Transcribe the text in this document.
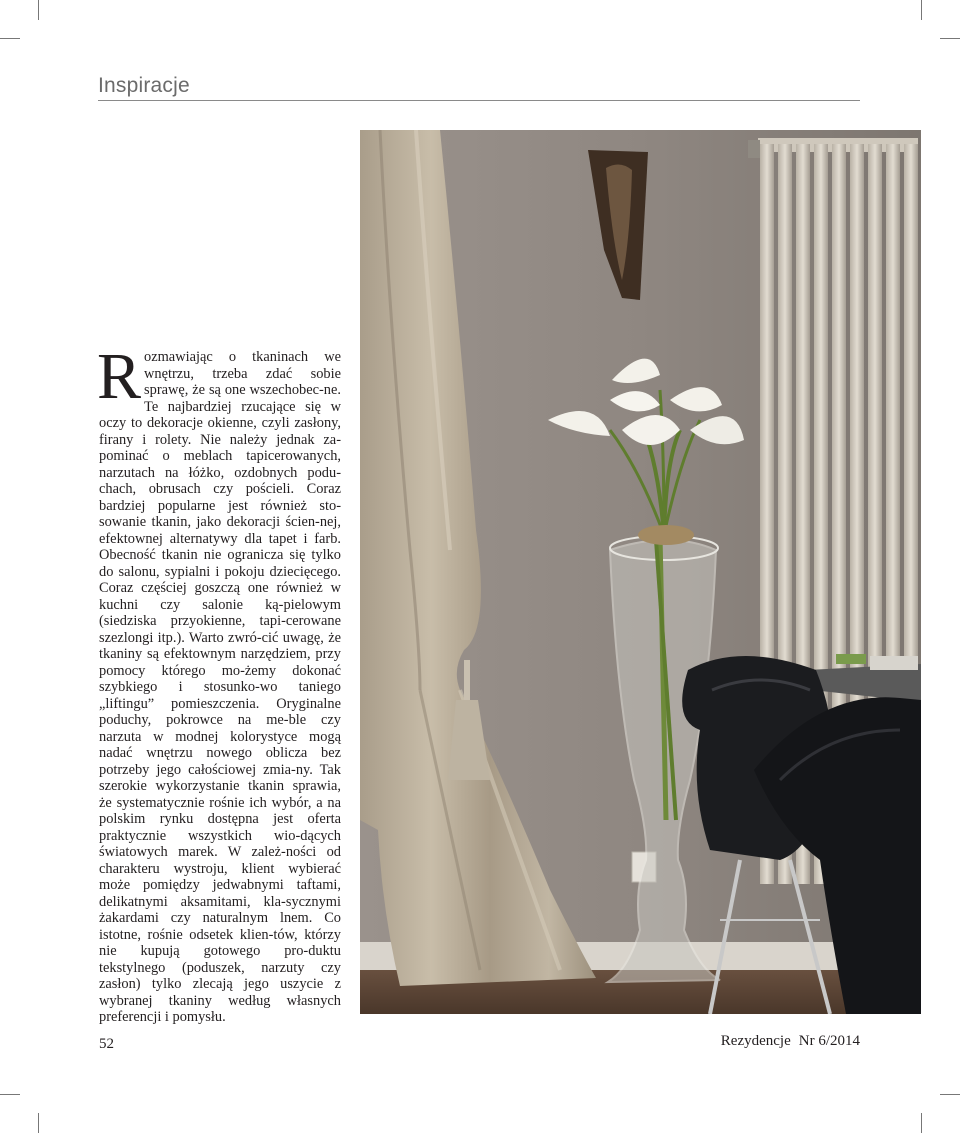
Inspiracje
Rozmawiając o tkaninach we wnętrzu, trzeba zdać sobie sprawę, że są one wszechobec-ne. Te najbardziej rzucające się w oczy to dekoracje okienne, czyli zasłony, firany i rolety. Nie należy jednak za-pominać o meblach tapicerowanych, narzutach na łóżko, ozdobnych podu-chach, obrusach czy pościeli. Coraz bardziej popularne jest również sto-sowanie tkanin, jako dekoracji ścien-nej, efektownej alternatywy dla tapet i farb. Obecność tkanin nie ogranicza się tylko do salonu, sypialni i pokoju dziecięcego. Coraz częściej goszczą one również w kuchni czy salonie ką-pielowym (siedziska przyokienne, tapi-cerowane szezlongi itp.). Warto zwró-cić uwagę, że tkaniny są efektownym narzędziem, przy pomocy którego mo-żemy dokonać szybkiego i stosunko-wo taniego „liftingu” pomieszczenia. Oryginalne poduchy, pokrowce na me-ble czy narzuta w modnej kolorystyce mogą nadać wnętrzu nowego oblicza bez potrzeby jego całościowej zmia-ny. Tak szerokie wykorzystanie tkanin sprawia, że systematycznie rośnie ich wybór, a na polskim rynku dostępna jest oferta praktycznie wszystkich wio-dących światowych marek. W zależ-ności od charakteru wystroju, klient wybierać może pomiędzy jedwabnymi taftami, delikatnymi aksamitami, kla-sycznymi żakardami czy naturalnym lnem. Co istotne, rośnie odsetek klien-tów, którzy nie kupują gotowego pro-duktu tekstylnego (poduszek, narzuty czy zasłon) tylko zlecają jego uszycie z wybranej tkaniny według własnych preferencji i pomysłu.
52	Rezydencje Nr 6/2014
